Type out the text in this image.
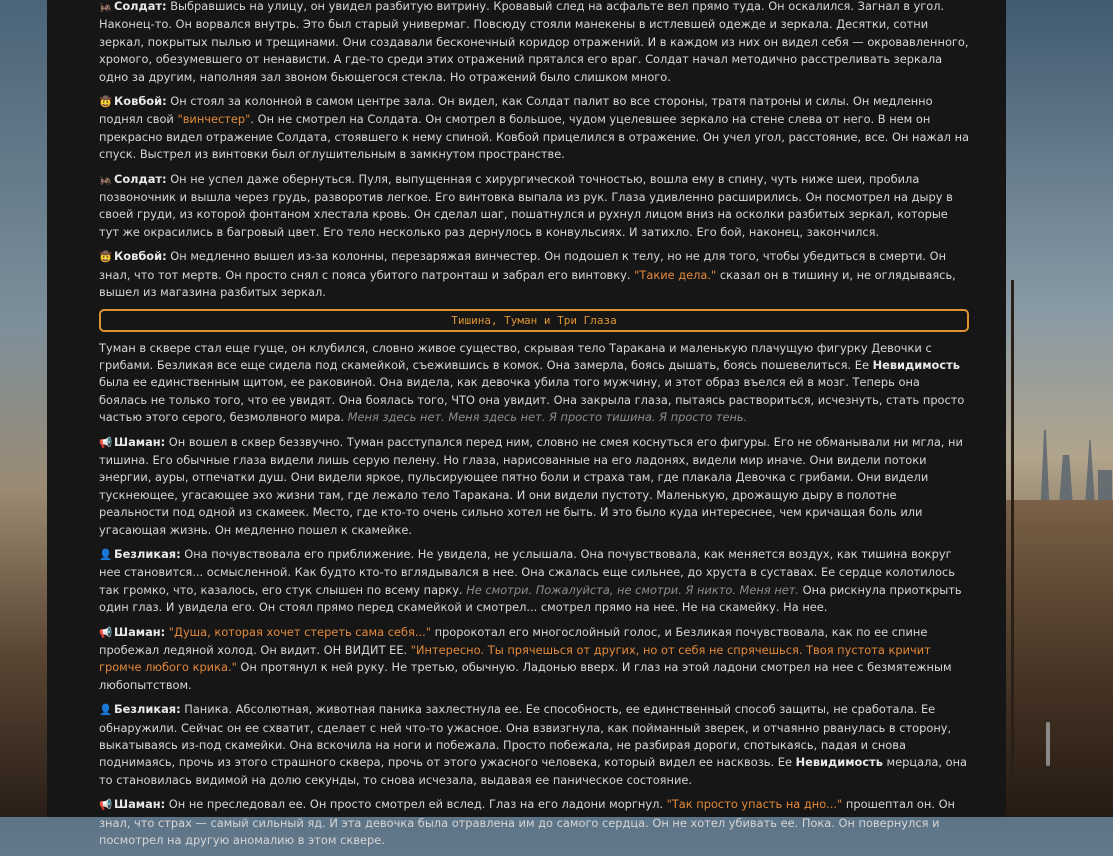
🦗 Солдат: Выбравшись на улицу, он увидел разбитую витрину. Кровавый след на асфальте вел прямо туда. Он оскалился. Загнал в угол. Наконец-то. Он ворвался внутрь. Это был старый универмаг. Повсюду стояли манекены в истлевшей одежде и зеркала. Десятки, сотни зеркал, покрытых пылью и трещинами. Они создавали бесконечный коридор отражений. И в каждом из них он видел себя — окровавленного, хромого, обезумевшего от ненависти. А где-то среди этих отражений прятался его враг. Солдат начал методично расстреливать зеркала одно за другим, наполняя зал звоном бьющегося стекла. Но отражений было слишком много.

🤠 Ковбой: Он стоял за колонной в самом центре зала. Он видел, как Солдат палит во все стороны, тратя патроны и силы. Он медленно поднял свой "винчестер". Он не смотрел на Солдата. Он смотрел в большое, чудом уцелевшее зеркало на стене слева от него. В нем он прекрасно видел отражение Солдата, стоявшего к нему спиной. Ковбой прицелился в отражение. Он учел угол, расстояние, все. Он нажал на спуск. Выстрел из винтовки был оглушительным в замкнутом пространстве.

🦗 Солдат: Он не успел даже обернуться. Пуля, выпущенная с хирургической точностью, вошла ему в спину, чуть ниже шеи, пробила позвоночник и вышла через грудь, разворотив легкое. Его винтовка выпала из рук. Глаза удивленно расширились. Он посмотрел на дыру в своей груди, из которой фонтаном хлестала кровь. Он сделал шаг, пошатнулся и рухнул лицом вниз на осколки разбитых зеркал, которые тут же окрасились в багровый цвет. Его тело несколько раз дернулось в конвульсиях. И затихло. Его бой, наконец, закончился.

🤠 Ковбой: Он медленно вышел из-за колонны, перезаряжая винчестер. Он подошел к телу, но не для того, чтобы убедиться в смерти. Он знал, что тот мертв. Он просто снял с пояса убитого патронташ и забрал его винтовку. "Такие дела." сказал он в тишину и, не оглядываясь, вышел из магазина разбитых зеркал.

Тишина, Туман и Три Глаза

Туман в сквере стал еще гуще, он клубился, словно живое существо, скрывая тело Таракана и маленькую плачущую фигурку Девочки с грибами. Безликая все еще сидела под скамейкой, съежившись в комок. Она замерла, боясь дышать, боясь пошевелиться. Ее Невидимость была ее единственным щитом, ее раковиной. Она видела, как девочка убила того мужчину, и этот образ въелся ей в мозг. Теперь она боялась не только того, что ее увидят. Она боялась того, ЧТО она увидит. Она закрыла глаза, пытаясь раствориться, исчезнуть, стать просто частью этого серого, безмолвного мира. Меня здесь нет. Меня здесь нет. Я просто тишина. Я просто тень.

📢 Шаман: Он вошел в сквер беззвучно. Туман расступался перед ним, словно не смея коснуться его фигуры. Его не обманывали ни мгла, ни тишина. Его обычные глаза видели лишь серую пелену. Но глаза, нарисованные на его ладонях, видели мир иначе. Они видели потоки энергии, ауры, отпечатки душ. Они видели яркое, пульсирующее пятно боли и страха там, где плакала Девочка с грибами. Они видели тускнеющее, угасающее эхо жизни там, где лежало тело Таракана. И они видели пустоту. Маленькую, дрожащую дыру в полотне реальности под одной из скамеек. Место, где кто-то очень сильно хотел не быть. И это было куда интереснее, чем кричащая боль или угасающая жизнь. Он медленно пошел к скамейке.

👤 Безликая: Она почувствовала его приближение. Не увидела, не услышала. Она почувствовала, как меняется воздух, как тишина вокруг нее становится... осмысленной. Как будто кто-то вглядывался в нее. Она сжалась еще сильнее, до хруста в суставах. Ее сердце колотилось так громко, что, казалось, его стук слышен по всему парку. Не смотри. Пожалуйста, не смотри. Я никто. Меня нет. Она рискнула приоткрыть один глаз. И увидела его. Он стоял прямо перед скамейкой и смотрел... смотрел прямо на нее. Не на скамейку. На нее.

📢 Шаман: "Душа, которая хочет стереть сама себя..." пророкотал его многослойный голос, и Безликая почувствовала, как по ее спине пробежал ледяной холод. Он видит. ОН ВИДИТ ЕЕ. "Интересно. Ты прячешься от других, но от себя не спрячешься. Твоя пустота кричит громче любого крика." Он протянул к ней руку. Не третью, обычную. Ладонью вверх. И глаз на этой ладони смотрел на нее с безмятежным любопытством.

👤 Безликая: Паника. Абсолютная, животная паника захлестнула ее. Ее способность, ее единственный способ защиты, не сработала. Ее обнаружили. Сейчас он ее схватит, сделает с ней что-то ужасное. Она взвизгнула, как пойманный зверек, и отчаянно рванулась в сторону, выкатываясь из-под скамейки. Она вскочила на ноги и побежала. Просто побежала, не разбирая дороги, спотыкаясь, падая и снова поднимаясь, прочь из этого страшного сквера, прочь от этого ужасного человека, который видел ее насквозь. Ее Невидимость мерцала, она то становилась видимой на долю секунды, то снова исчезала, выдавая ее паническое состояние.

📢 Шаман: Он не преследовал ее. Он просто смотрел ей вслед. Глаз на его ладони моргнул. "Так просто упасть на дно..." прошептал он. Он знал, что страх — самый сильный яд. И эта девочка была отравлена им до самого сердца. Он не хотел убивать ее. Пока. Он повернулся и посмотрел на другую аномалию в этом сквере.
